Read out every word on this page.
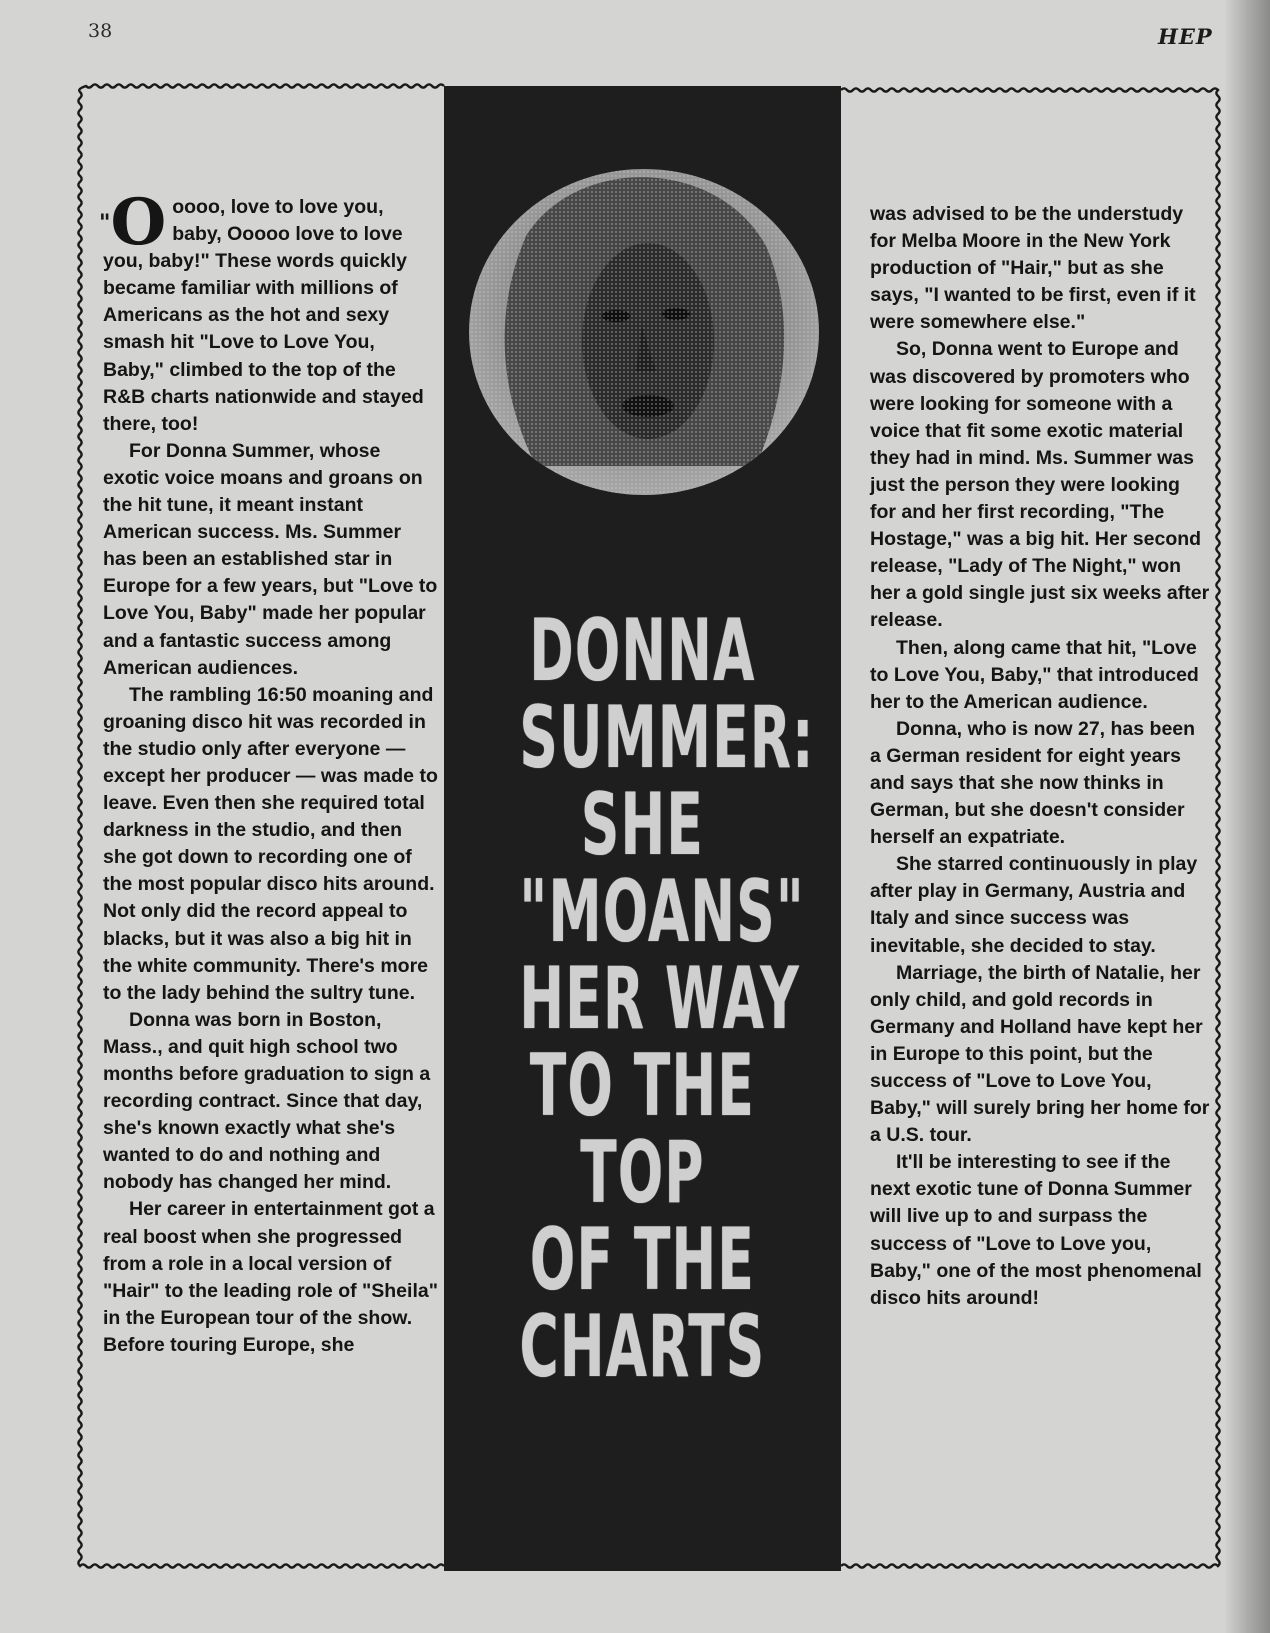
38	HEP
DONNA
SUMMER:
SHE
"MOANS"
HER WAY
TO THE
TOP
OF THE
CHARTS

"O oooo, love to love you, baby, Ooooo love to love you, baby!" These words quickly became familiar with millions of Americans as the hot and sexy smash hit "Love to Love You, Baby," climbed to the top of the R&B charts nationwide and stayed there, too!

For Donna Summer, whose exotic voice moans and groans on the hit tune, it meant instant American success. Ms. Summer has been an established star in Europe for a few years, but "Love to Love You, Baby" made her popular and a fantastic success among American audiences.

The rambling 16:50 moaning and groaning disco hit was recorded in the studio only after everyone — except her producer — was made to leave. Even then she required total darkness in the studio, and then she got down to recording one of the most popular disco hits around. Not only did the record appeal to blacks, but it was also a big hit in the white community. There's more to the lady behind the sultry tune.

Donna was born in Boston, Mass., and quit high school two months before graduation to sign a recording contract. Since that day, she's known exactly what she's wanted to do and nothing and nobody has changed her mind.

Her career in entertainment got a real boost when she progressed from a role in a local version of "Hair" to the leading role of "Sheila" in the European tour of the show. Before touring Europe, she

was advised to be the understudy for Melba Moore in the New York production of "Hair," but as she says, "I wanted to be first, even if it were somewhere else."

So, Donna went to Europe and was discovered by promoters who were looking for someone with a voice that fit some exotic material they had in mind. Ms. Summer was just the person they were looking for and her first recording, "The Hostage," was a big hit. Her second release, "Lady of The Night," won her a gold single just six weeks after release.

Then, along came that hit, "Love to Love You, Baby," that introduced her to the American audience.

Donna, who is now 27, has been a German resident for eight years and says that she now thinks in German, but she doesn't consider herself an expatriate.

She starred continuously in play after play in Germany, Austria and Italy and since success was inevitable, she decided to stay.

Marriage, the birth of Natalie, her only child, and gold records in Germany and Holland have kept her in Europe to this point, but the success of "Love to Love You, Baby," will surely bring her home for a U.S. tour.

It'll be interesting to see if the next exotic tune of Donna Summer will live up to and surpass the success of "Love to Love you, Baby," one of the most phenomenal disco hits around!
